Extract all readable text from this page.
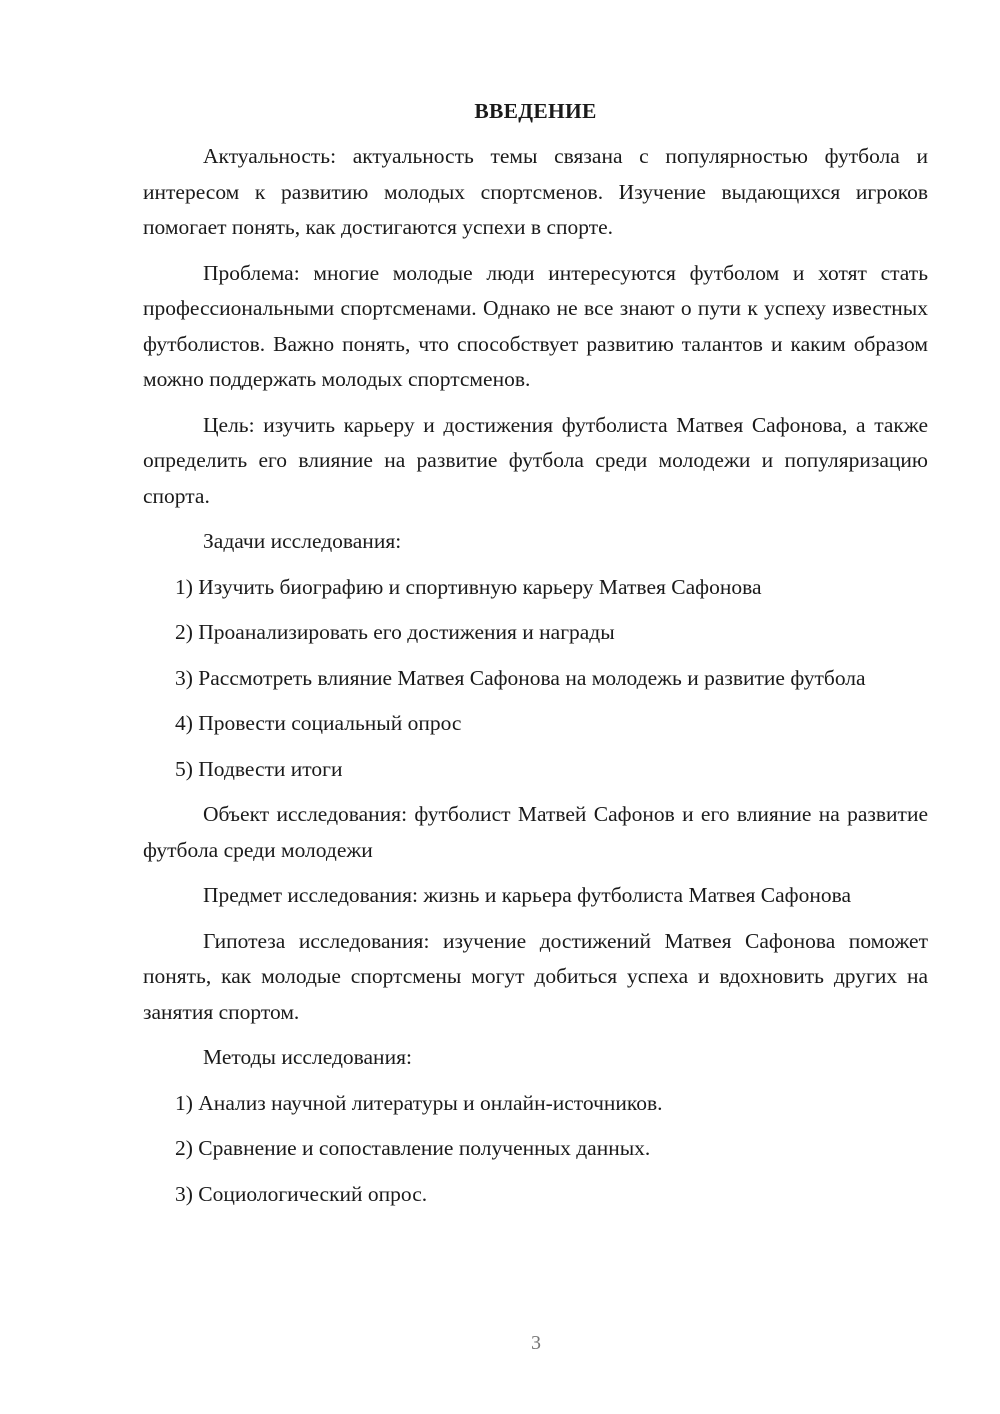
ВВЕДЕНИЕ

Актуальность: актуальность темы связана с популярностью футбола и интересом к развитию молодых спортсменов. Изучение выдающихся игроков помогает понять, как достигаются успехи в спорте.

Проблема: многие молодые люди интересуются футболом и хотят стать профессиональными спортсменами. Однако не все знают о пути к успеху известных футболистов. Важно понять, что способствует развитию талантов и каким образом можно поддержать молодых спортсменов.

Цель: изучить карьеру и достижения футболиста Матвея Сафонова, а также определить его влияние на развитие футбола среди молодежи и популяризацию спорта.

Задачи исследования:

1) Изучить биографию и спортивную карьеру Матвея Сафонова

2) Проанализировать его достижения и награды

3) Рассмотреть влияние Матвея Сафонова на молодежь и развитие футбола

4) Провести социальный опрос

5) Подвести итоги

Объект исследования: футболист Матвей Сафонов и его влияние на развитие футбола среди молодежи

Предмет исследования: жизнь и карьера футболиста Матвея Сафонова

Гипотеза исследования: изучение достижений Матвея Сафонова поможет понять, как молодые спортсмены могут добиться успеха и вдохновить других на занятия спортом.

Методы исследования:

1) Анализ научной литературы и онлайн-источников.

2) Сравнение и сопоставление полученных данных.

3) Социологический опрос.

3
